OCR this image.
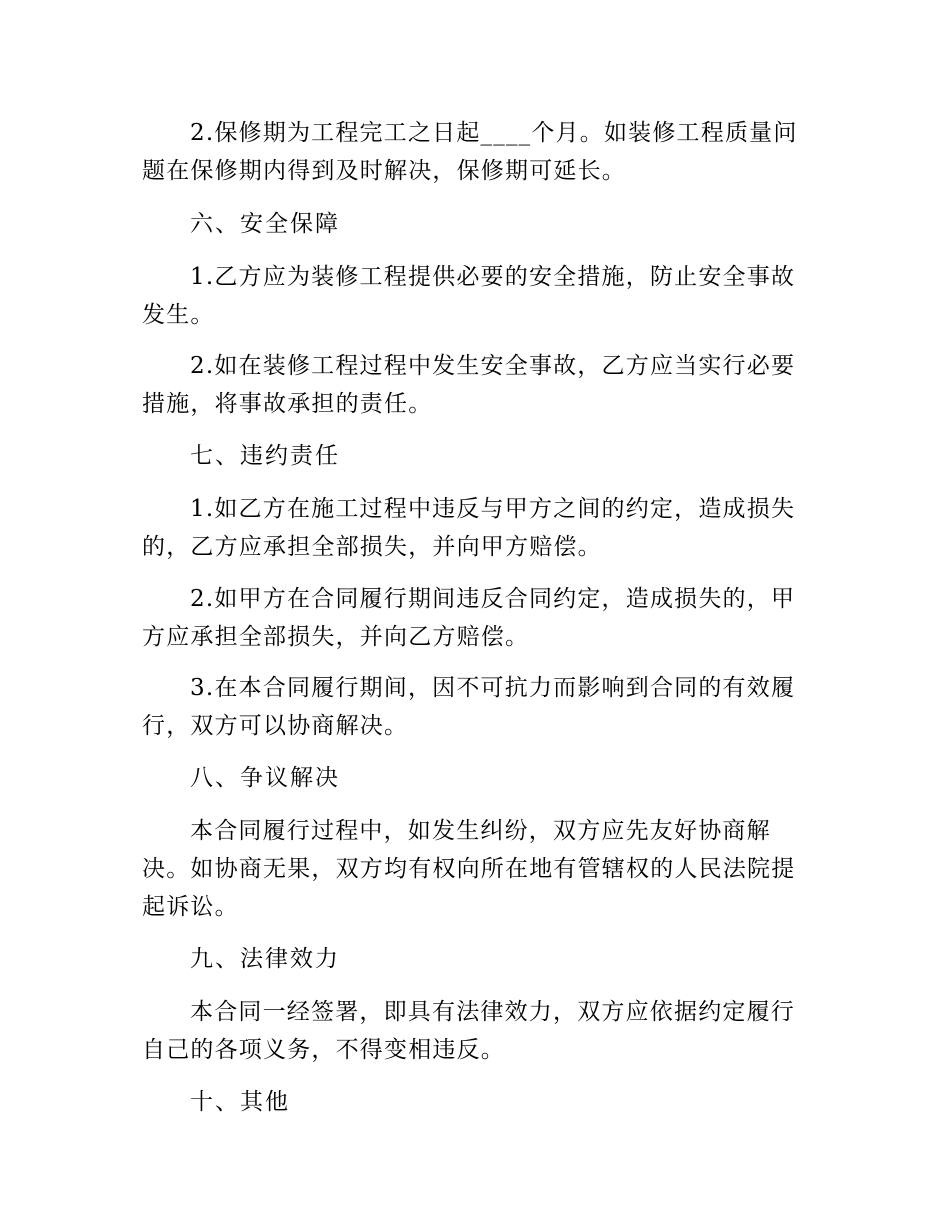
2.保修期为工程完工之日起____个月。如装修工程质量问题在保修期内得到及时解决，保修期可延长。

六、安全保障

1.乙方应为装修工程提供必要的安全措施，防止安全事故发生。

2.如在装修工程过程中发生安全事故，乙方应当实行必要措施，将事故承担的责任。

七、违约责任

1.如乙方在施工过程中违反与甲方之间的约定，造成损失的，乙方应承担全部损失，并向甲方赔偿。

2.如甲方在合同履行期间违反合同约定，造成损失的，甲方应承担全部损失，并向乙方赔偿。

3.在本合同履行期间，因不可抗力而影响到合同的有效履行，双方可以协商解决。

八、争议解决

本合同履行过程中，如发生纠纷，双方应先友好协商解决。如协商无果，双方均有权向所在地有管辖权的人民法院提起诉讼。

九、法律效力

本合同一经签署，即具有法律效力，双方应依据约定履行自己的各项义务，不得变相违反。

十、其他
